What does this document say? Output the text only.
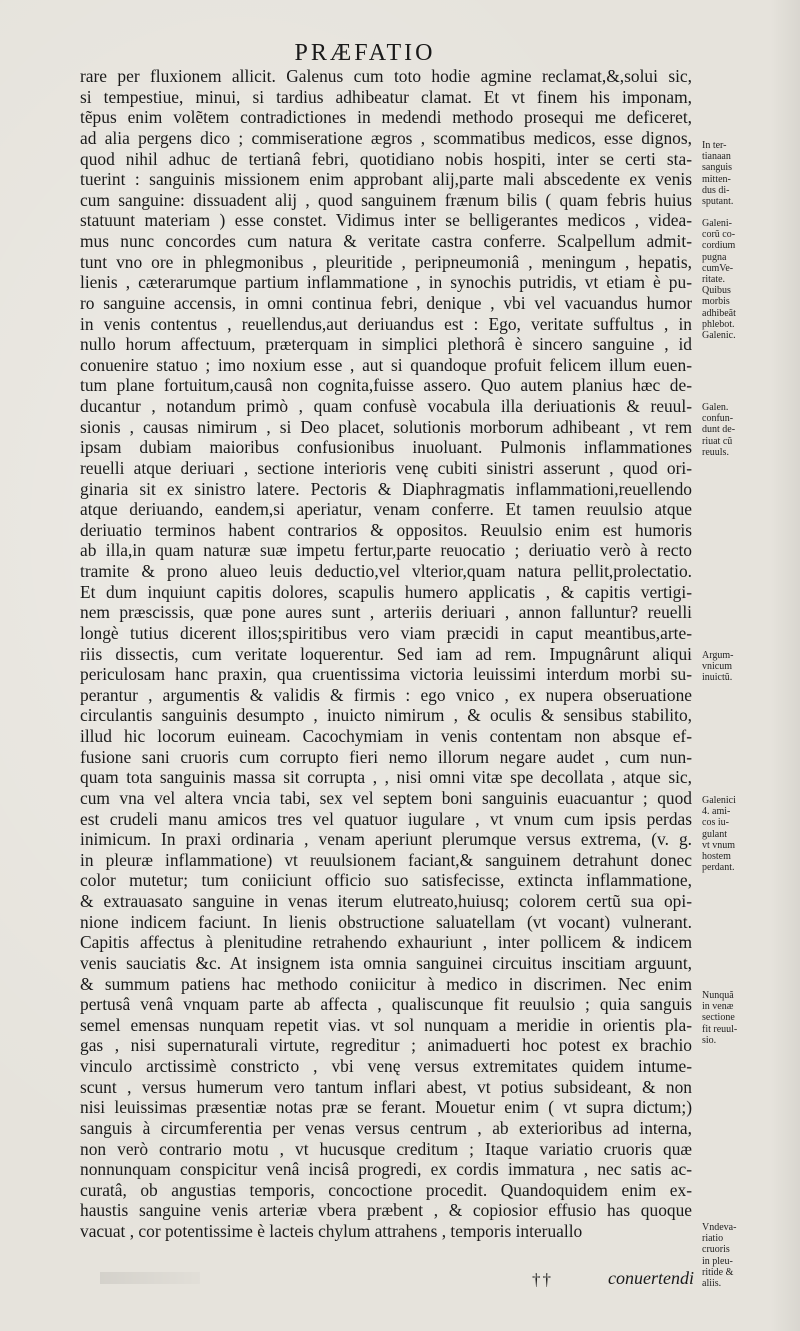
PRÆFATIO
rare per fluxionem allicit. Galenus cum toto hodie agmine reclamat,&,solui sic,
si tempestiue, minui, si tardius adhibeatur clamat. Et vt finem his imponam,
tẽpus enim volẽtem contradictiones in medendi methodo prosequi me deficeret,
ad alia pergens dico ; commiseratione ægros , scommatibus medicos, esse dignos,
quod nihil adhuc de tertianâ febri, quotidiano nobis hospiti, inter se certi sta-
tuerint : sanguinis missionem enim approbant alij,parte mali abscedente ex venis
cum sanguine: dissuadent alij , quod sanguinem frænum bilis ( quam febris huius
statuunt materiam ) esse constet. Vidimus inter se belligerantes medicos , videa-
mus nunc concordes cum natura & veritate castra conferre. Scalpellum admit-
tunt vno ore in phlegmonibus , pleuritide , peripneumoniâ , meningum , hepatis,
lienis , cæterarumque partium inflammatione , in synochis putridis, vt etiam è pu-
ro sanguine accensis, in omni continua febri, denique , vbi vel vacuandus humor
in venis contentus , reuellendus,aut deriuandus est : Ego, veritate suffultus , in
nullo horum affectuum, præterquam in simplici plethorâ è sincero sanguine , id
conuenire statuo ; imo noxium esse , aut si quandoque profuit felicem illum euen-
tum plane fortuitum,causâ non cognita,fuisse assero. Quo autem planius hæc de-
ducantur , notandum primò , quam confusè vocabula illa deriuationis & reuul-
sionis , causas nimirum , si Deo placet, solutionis morborum adhibeant , vt rem
ipsam dubiam maioribus confusionibus inuoluant. Pulmonis inflammationes
reuelli atque deriuari , sectione interioris venę cubiti sinistri asserunt , quod ori-
ginaria sit ex sinistro latere. Pectoris & Diaphragmatis inflammationi,reuellendo
atque deriuando, eandem,si aperiatur, venam conferre. Et tamen reuulsio atque
deriuatio terminos habent contrarios & oppositos. Reuulsio enim est humoris
ab illa,in quam naturæ suæ impetu fertur,parte reuocatio ; deriuatio verò à recto
tramite & prono alueo leuis deductio,vel vlterior,quam natura pellit,prolectatio.
Et dum inquiunt capitis dolores, scapulis humero applicatis , & capitis vertigi-
nem præscissis, quæ pone aures sunt , arteriis deriuari , annon falluntur? reuelli
longè tutius dicerent illos;spiritibus vero viam præcidi in caput meantibus,arte-
riis dissectis, cum veritate loquerentur. Sed iam ad rem. Impugnârunt aliqui
periculosam hanc praxin, qua cruentissima victoria leuissimi interdum morbi su-
perantur , argumentis & validis & firmis : ego vnico , ex nupera obseruatione
circulantis sanguinis desumpto , inuicto nimirum , & oculis & sensibus stabilito,
illud hic locorum euineam. Cacochymiam in venis contentam non absque ef-
fusione sani cruoris cum corrupto fieri nemo illorum negare audet , cum nun-
quam tota sanguinis massa sit corrupta , , nisi omni vitæ spe decollata , atque sic,
cum vna vel altera vncia tabi, sex vel septem boni sanguinis euacuantur ; quod
est crudeli manu amicos tres vel quatuor iugulare , vt vnum cum ipsis perdas
inimicum. In praxi ordinaria , venam aperiunt plerumque versus extrema, (v. g.
in pleuræ inflammatione) vt reuulsionem faciant,& sanguinem detrahunt donec
color mutetur; tum coniiciunt officio suo satisfecisse, extincta inflammatione,
& extrauasato sanguine in venas iterum elutreato,huiusq; colorem certũ sua opi-
nione indicem faciunt. In lienis obstructione saluatellam (vt vocant) vulnerant.
Capitis affectus à plenitudine retrahendo exhauriunt , inter pollicem & indicem
venis sauciatis &c. At insignem ista omnia sanguinei circuitus inscitiam arguunt,
& summum patiens hac methodo coniicitur à medico in discrimen. Nec enim
pertusâ venâ vnquam parte ab affecta , qualiscunque fit reuulsio ; quia sanguis
semel emensas nunquam repetit vias. vt sol nunquam a meridie in orientis pla-
gas , nisi supernaturali virtute, regreditur ; animaduerti hoc potest ex brachio
vinculo arctissimè constricto , vbi venę versus extremitates quidem intume-
scunt , versus humerum vero tantum inflari abest, vt potius subsideant, & non
nisi leuissimas præsentiæ notas præ se ferant. Mouetur enim ( vt supra dictum;)
sanguis à circumferentia per venas versus centrum , ab exterioribus ad interna,
non verò contrario motu , vt hucusque creditum ; Itaque variatio cruoris quæ
nonnunquam conspicitur venâ incisâ progredi, ex cordis immatura , nec satis ac-
curatâ, ob angustias temporis, concoctione procedit. Quandoquidem enim ex-
haustis sanguine venis arteriæ vbera præbent , & copiosior effusio has quoque
vacuat , cor potentissime è lacteis chylum attrahens , temporis interuallo
In ter-
tianaan
sanguis
mitten-
dus di-
sputant.
Galeni-
corũ co-
cordium
pugna
cumVe-
ritate.
Quibus
morbis
adhibeãt
phlebot.
Galenic.
Galen.
confun-
dunt de-
riuat cũ
reuuls.
Argum-
vnicum
inuictũ.
Galenici
4. ami-
cos iu-
gulant
vt vnum
hostem
perdant.
Nunquã
in venæ
sectione
fit reuul-
sio.
Vndeva-
riatio
cruoris
in pleu-
ritide &
aliis.
††	conuertendi
